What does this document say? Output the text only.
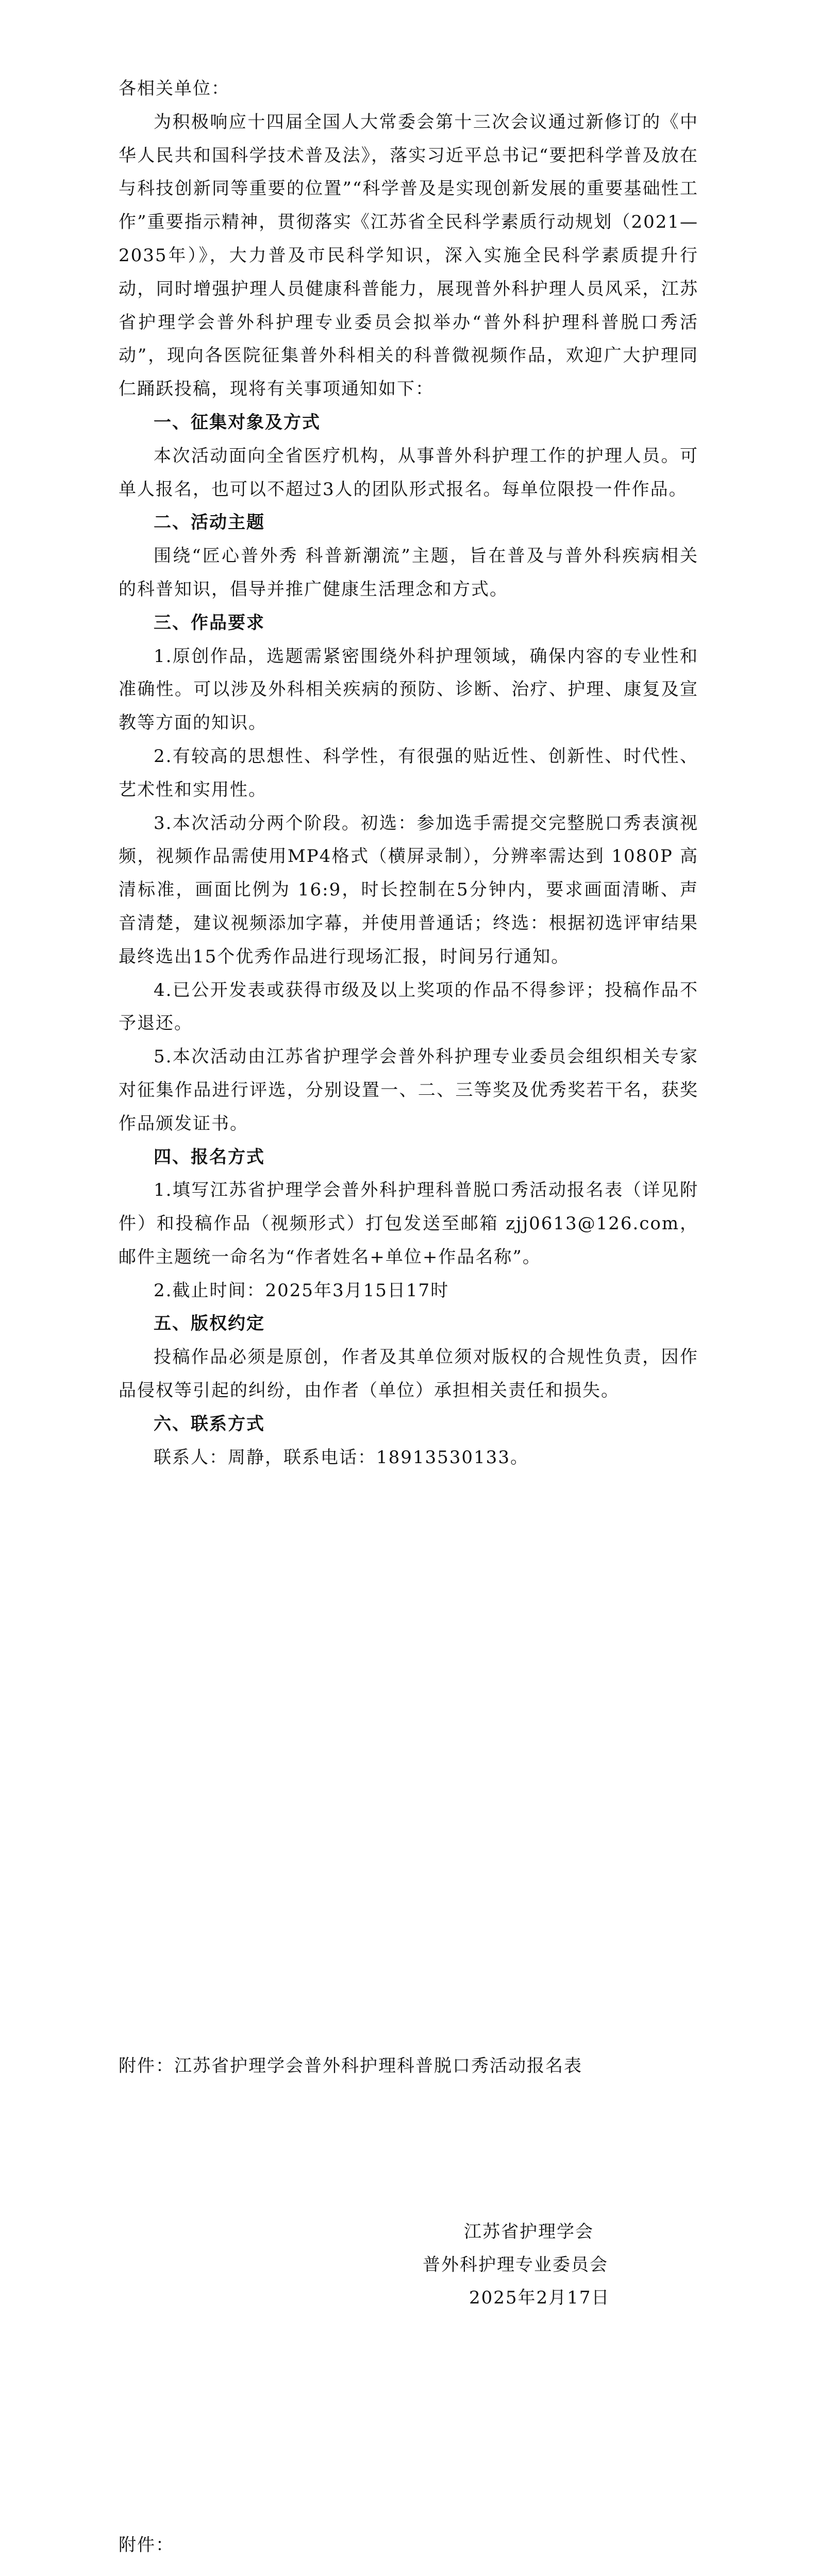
各相关单位：

为积极响应十四届全国人大常委会第十三次会议通过新修订的《中华人民共和国科学技术普及法》，落实习近平总书记“要把科学普及放在与科技创新同等重要的位置”“科学普及是实现创新发展的重要基础性工作”重要指示精神，贯彻落实《江苏省全民科学素质行动规划（2021—2035年）》，大力普及市民科学知识，深入实施全民科学素质提升行动，同时增强护理人员健康科普能力，展现普外科护理人员风采，江苏省护理学会普外科护理专业委员会拟举办“普外科护理科普脱口秀活动”，现向各医院征集普外科相关的科普微视频作品，欢迎广大护理同仁踊跃投稿，现将有关事项通知如下：

一、征集对象及方式

本次活动面向全省医疗机构，从事普外科护理工作的护理人员。可单人报名，也可以不超过3人的团队形式报名。每单位限投一件作品。

二、活动主题

围绕“匠心普外秀 科普新潮流”主题，旨在普及与普外科疾病相关的科普知识，倡导并推广健康生活理念和方式。

三、作品要求

1.原创作品，选题需紧密围绕外科护理领域，确保内容的专业性和准确性。可以涉及外科相关疾病的预防、诊断、治疗、护理、康复及宣教等方面的知识。

2.有较高的思想性、科学性，有很强的贴近性、创新性、时代性、艺术性和实用性。

3.本次活动分两个阶段。初选：参加选手需提交完整脱口秀表演视频，视频作品需使用MP4格式（横屏录制），分辨率需达到 1080P 高清标准，画面比例为 16:9，时长控制在5分钟内，要求画面清晰、声音清楚，建议视频添加字幕，并使用普通话；终选：根据初选评审结果最终选出15个优秀作品进行现场汇报，时间另行通知。

4.已公开发表或获得市级及以上奖项的作品不得参评；投稿作品不予退还。

5.本次活动由江苏省护理学会普外科护理专业委员会组织相关专家对征集作品进行评选，分别设置一、二、三等奖及优秀奖若干名，获奖作品颁发证书。

四、报名方式

1.填写江苏省护理学会普外科护理科普脱口秀活动报名表（详见附件）和投稿作品（视频形式）打包发送至邮箱 zjj0613@126.com，邮件主题统一命名为“作者姓名+单位+作品名称”。

2.截止时间：2025年3月15日17时

五、版权约定

投稿作品必须是原创，作者及其单位须对版权的合规性负责，因作品侵权等引起的纠纷，由作者（单位）承担相关责任和损失。

六、联系方式

联系人：周静，联系电话：18913530133。

附件：江苏省护理学会普外科护理科普脱口秀活动报名表

江苏省护理学会

普外科护理专业委员会

2025年2月17日

附件：
